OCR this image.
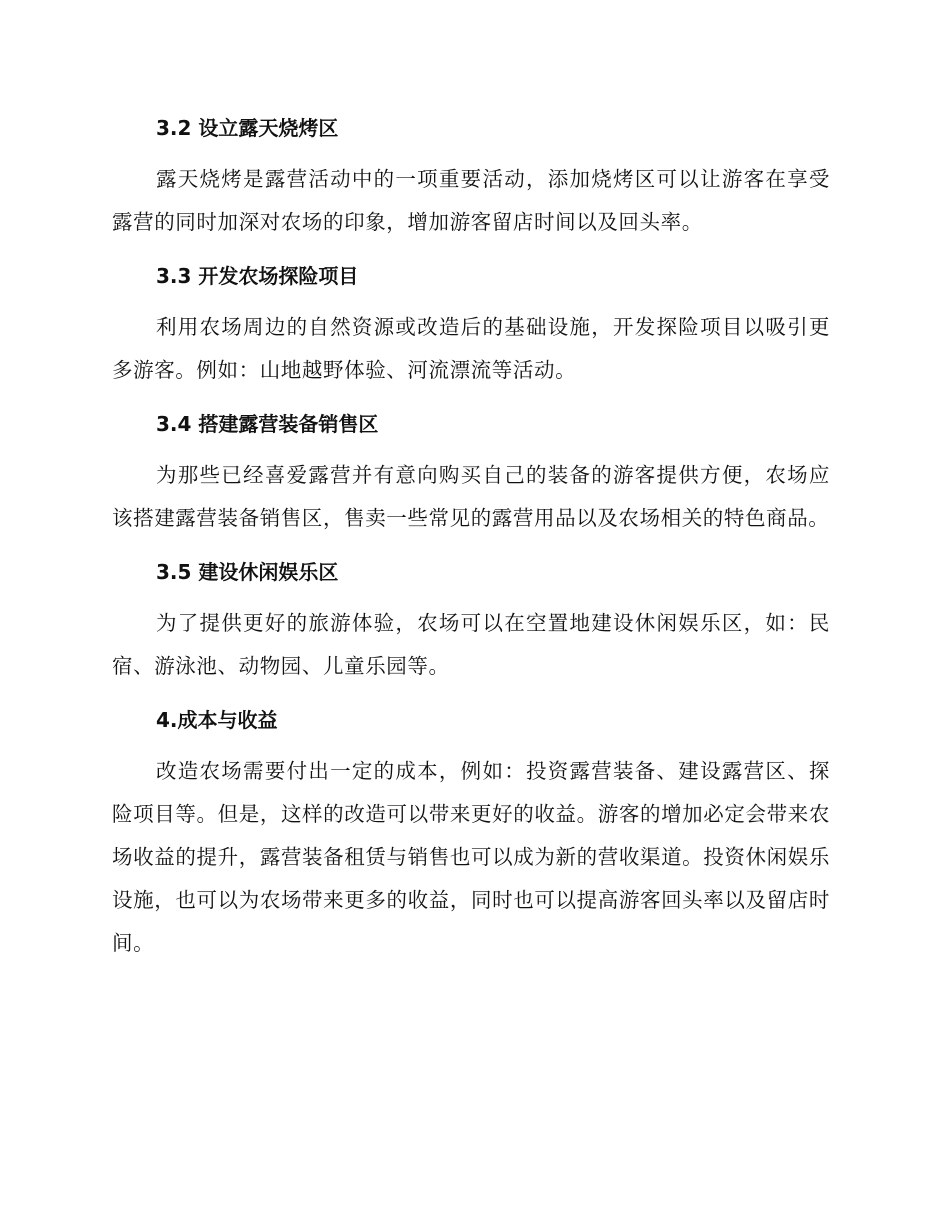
3.2 设立露天烧烤区

露天烧烤是露营活动中的一项重要活动，添加烧烤区可以让游客在享受露营的同时加深对农场的印象，增加游客留店时间以及回头率。

3.3 开发农场探险项目

利用农场周边的自然资源或改造后的基础设施，开发探险项目以吸引更多游客。例如：山地越野体验、河流漂流等活动。

3.4 搭建露营装备销售区

为那些已经喜爱露营并有意向购买自己的装备的游客提供方便，农场应该搭建露营装备销售区，售卖一些常见的露营用品以及农场相关的特色商品。

3.5 建设休闲娱乐区

为了提供更好的旅游体验，农场可以在空置地建设休闲娱乐区，如：民宿、游泳池、动物园、儿童乐园等。

4.成本与收益

改造农场需要付出一定的成本，例如：投资露营装备、建设露营区、探险项目等。但是，这样的改造可以带来更好的收益。游客的增加必定会带来农场收益的提升，露营装备租赁与销售也可以成为新的营收渠道。投资休闲娱乐设施，也可以为农场带来更多的收益，同时也可以提高游客回头率以及留店时间。
